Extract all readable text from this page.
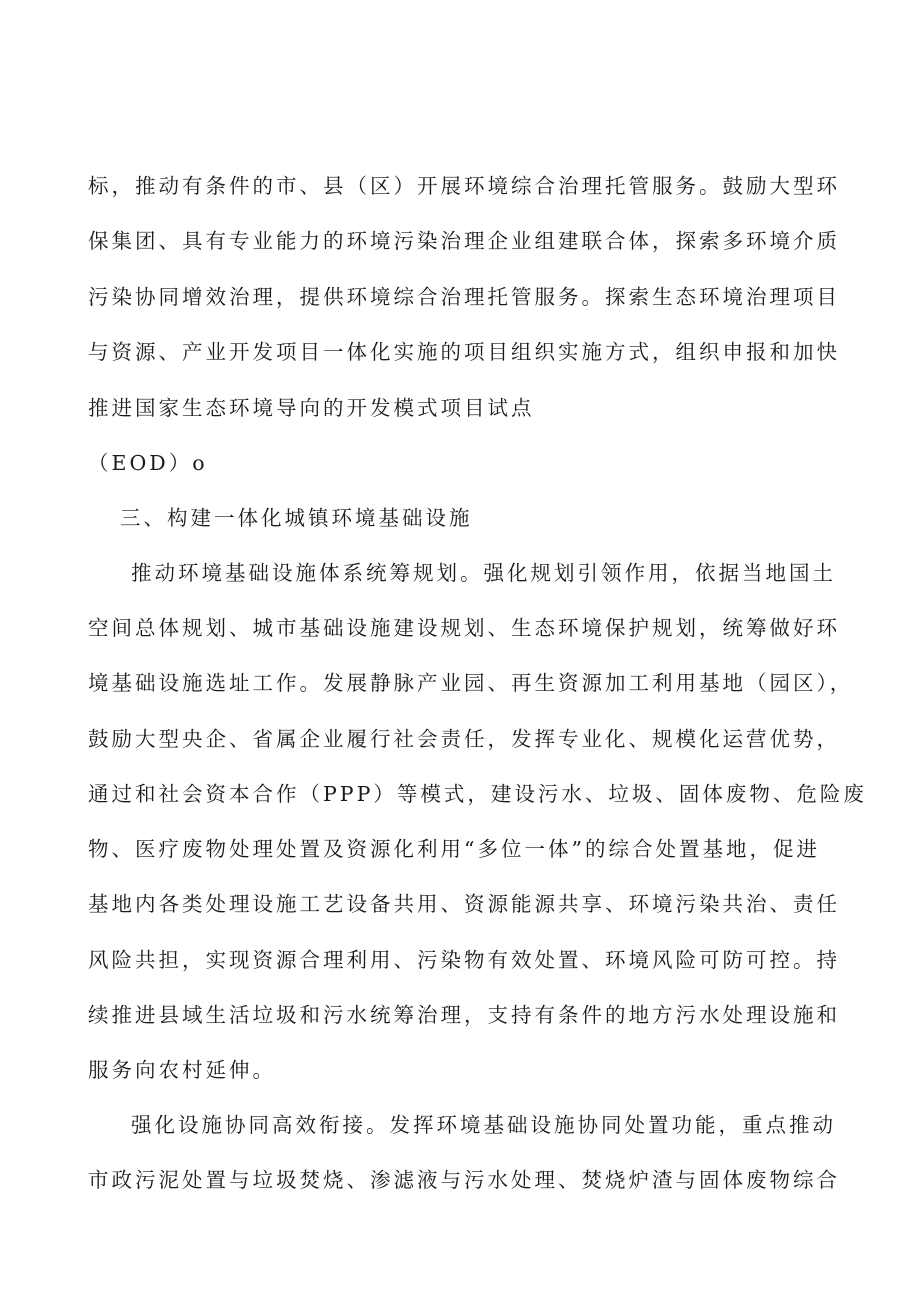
标，推动有条件的市、县（区）开展环境综合治理托管服务。鼓励大型环
保集团、具有专业能力的环境污染治理企业组建联合体，探索多环境介质
污染协同增效治理，提供环境综合治理托管服务。探索生态环境治理项目
与资源、产业开发项目一体化实施的项目组织实施方式，组织申报和加快
推进国家生态环境导向的开发模式项目试点
（EOD）o
三、构建一体化城镇环境基础设施
推动环境基础设施体系统筹规划。强化规划引领作用，依据当地国土
空间总体规划、城市基础设施建设规划、生态环境保护规划，统筹做好环
境基础设施选址工作。发展静脉产业园、再生资源加工利用基地（园区），
鼓励大型央企、省属企业履行社会责任，发挥专业化、规模化运营优势，
通过和社会资本合作（PPP）等模式，建设污水、垃圾、固体废物、危险废
物、医疗废物处理处置及资源化利用“多位一体”的综合处置基地，促进
基地内各类处理设施工艺设备共用、资源能源共享、环境污染共治、责任
风险共担，实现资源合理利用、污染物有效处置、环境风险可防可控。持
续推进县域生活垃圾和污水统筹治理，支持有条件的地方污水处理设施和
服务向农村延伸。
强化设施协同高效衔接。发挥环境基础设施协同处置功能，重点推动
市政污泥处置与垃圾焚烧、渗滤液与污水处理、焚烧炉渣与固体废物综合
